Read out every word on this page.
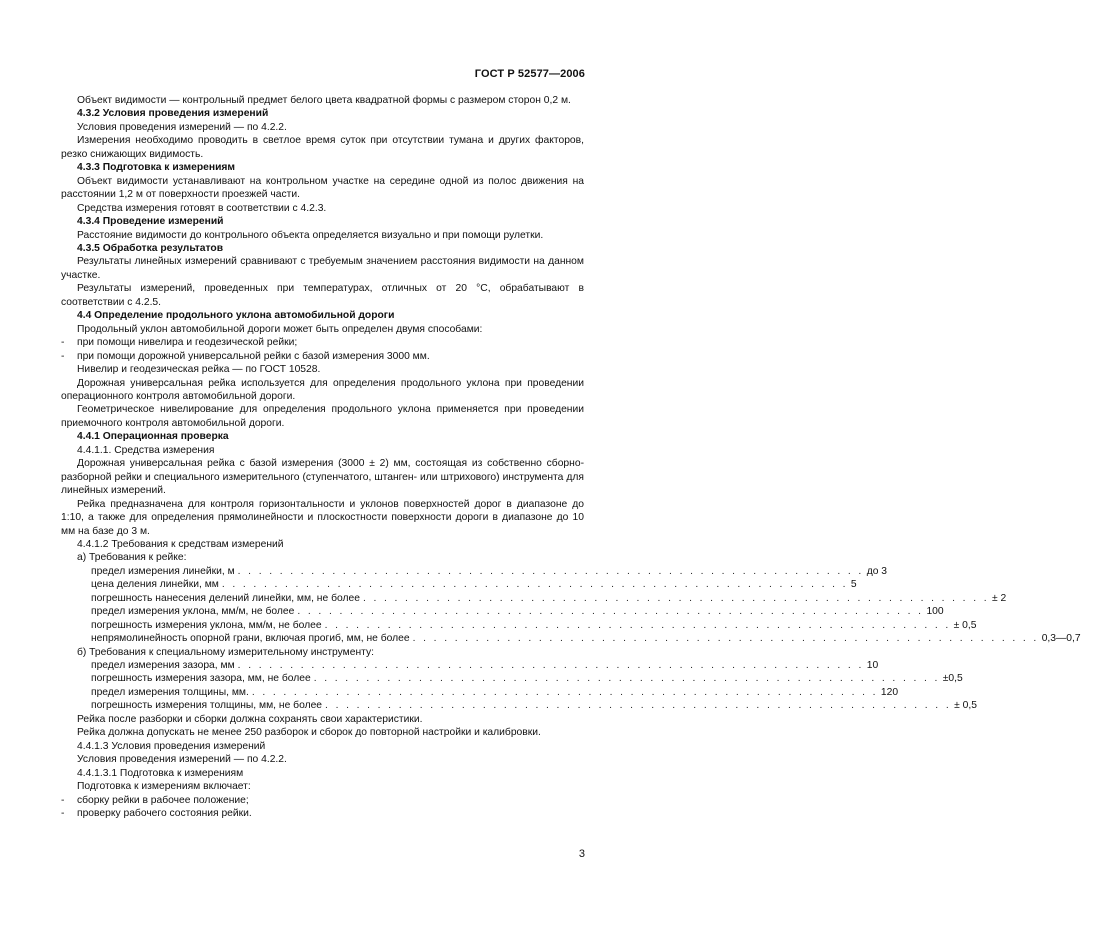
ГОСТ Р 52577—2006

Объект видимости — контрольный предмет белого цвета квадратной формы с размером сторон 0,2 м.

4.3.2 Условия проведения измерений

Условия проведения измерений — по 4.2.2.

Измерения необходимо проводить в светлое время суток при отсутствии тумана и других факторов, резко снижающих видимость.

4.3.3 Подготовка к измерениям

Объект видимости устанавливают на контрольном участке на середине одной из полос движения на расстоянии 1,2 м от поверхности проезжей части.

Средства измерения готовят в соответствии с 4.2.3.

4.3.4 Проведение измерений

Расстояние видимости до контрольного объекта определяется визуально и при помощи рулетки.

4.3.5 Обработка результатов

Результаты линейных измерений сравнивают с требуемым значением расстояния видимости на данном участке.

Результаты измерений, проведенных при температурах, отличных от 20 °С, обрабатывают в соответствии с 4.2.5.

4.4 Определение продольного уклона автомобильной дороги

Продольный уклон автомобильной дороги может быть определен двумя способами:

- при помощи нивелира и геодезической рейки;

- при помощи дорожной универсальной рейки с базой измерения 3000 мм.

Нивелир и геодезическая рейка — по ГОСТ 10528.

Дорожная универсальная рейка используется для определения продольного уклона при проведении операционного контроля автомобильной дороги.

Геометрическое нивелирование для определения продольного уклона применяется при проведении приемочного контроля автомобильной дороги.

4.4.1 Операционная проверка

4.4.1.1. Средства измерения

Дорожная универсальная рейка с базой измерения (3000 ± 2) мм, состоящая из собственно сборно-разборной рейки и специального измерительного (ступенчатого, штанген- или штрихового) инструмента для линейных измерений.

Рейка предназначена для контроля горизонтальности и уклонов поверхностей дорог в диапазоне до 1:10, а также для определения прямолинейности и плоскостности поверхности дороги в диапазоне до 10 мм на базе до 3 м.

4.4.1.2 Требования к средствам измерений

а) Требования к рейке:

предел измерения линейки, м . . . . . . . . . . . . . . . . . . . . . . . . . . . . . . . . . . . . . . . . . . . . . . . . . . . . . . . . . . . . до 3
цена деления линейки, мм . . . . . . . . . . . . . . . . . . . . . . . . . . . . . . . . . . . . . . . . . . . . . . . . . . . . . . . . . . . . 5
погрешность нанесения делений линейки, мм, не более . . . . . . . . . . . . . . . . . . . . . . . . . . . . . . . . . . . . . . . . . . . . . . . . . . . . . . . . . . . . ± 2
предел измерения уклона, мм/м, не более . . . . . . . . . . . . . . . . . . . . . . . . . . . . . . . . . . . . . . . . . . . . . . . . . . . . . . . . . . . . 100
погрешность измерения уклона, мм/м, не более . . . . . . . . . . . . . . . . . . . . . . . . . . . . . . . . . . . . . . . . . . . . . . . . . . . . . . . . . . . . ± 0,5
непрямолинейность опорной грани, включая прогиб, мм, не более . . . . . . . . . . . . . . . . . . . . . . . . . . . . . . . . . . . . . . . . . . . . . . . . . . . . . . . . . . . . 0,3—0,7

б) Требования к специальному измерительному инструменту:

предел измерения зазора, мм . . . . . . . . . . . . . . . . . . . . . . . . . . . . . . . . . . . . . . . . . . . . . . . . . . . . . . . . . . . . 10
погрешность измерения зазора, мм, не более . . . . . . . . . . . . . . . . . . . . . . . . . . . . . . . . . . . . . . . . . . . . . . . . . . . . . . . . . . . . ±0,5
предел измерения толщины, мм. . . . . . . . . . . . . . . . . . . . . . . . . . . . . . . . . . . . . . . . . . . . . . . . . . . . . . . . . . . . . 120
погрешность измерения толщины, мм, не более . . . . . . . . . . . . . . . . . . . . . . . . . . . . . . . . . . . . . . . . . . . . . . . . . . . . . . . . . . . . ± 0,5

Рейка после разборки и сборки должна сохранять свои характеристики.

Рейка должна допускать не менее 250 разборок и сборок до повторной настройки и калибровки.

4.4.1.3 Условия проведения измерений

Условия проведения измерений — по 4.2.2.

4.4.1.3.1 Подготовка к измерениям

Подготовка к измерениям включает:

- сборку рейки в рабочее положение;

- проверку рабочего состояния рейки.

3
